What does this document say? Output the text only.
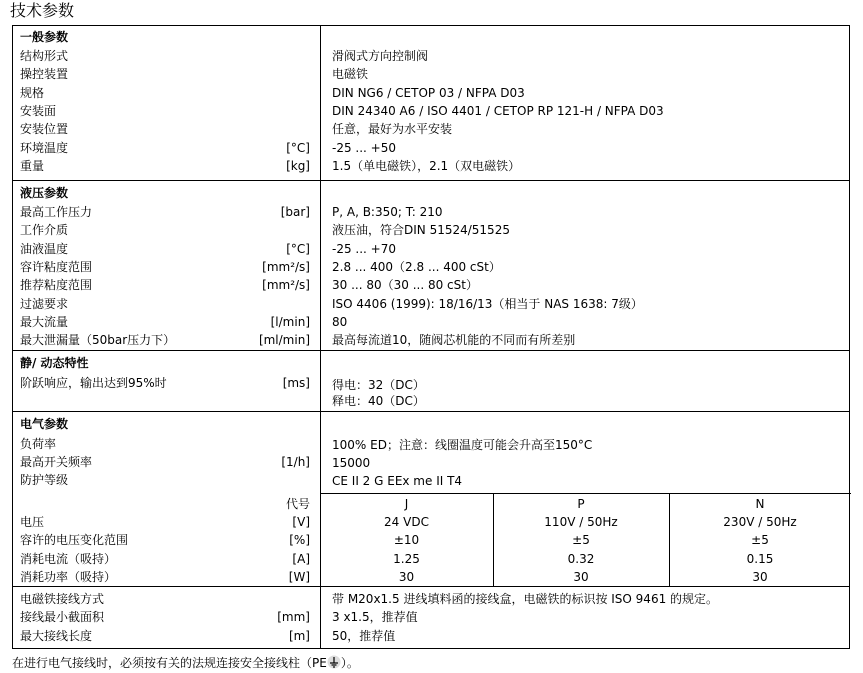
技术参数
一般参数
结构形式	滑阀式方向控制阀
操控装置	电磁铁
规格	DIN NG6 / CETOP 03 / NFPA D03
安装面	DIN 24340 A6 / ISO 4401 / CETOP RP 121-H / NFPA D03
安装位置	任意，最好为水平安装
环境温度	[°C] -25 ... +50
重量	[kg] 1.5（单电磁铁），2.1（双电磁铁）
液压参数
最高工作压力	[bar] P, A, B:350; T: 210
工作介质	液压油，符合DIN 51524/51525
油液温度	[°C] -25 ... +70
容许粘度范围	[mm²/s] 2.8 ... 400（2.8 ... 400 cSt）
推荐粘度范围	[mm²/s] 30 ... 80（30 ... 80 cSt）
过滤要求	ISO 4406 (1999): 18/16/13（相当于 NAS 1638: 7级）
最大流量	[l/min] 80
最大泄漏量（50bar压力下）	[ml/min] 最高每流道10，随阀芯机能的不同而有所差别
静/ 动态特性
阶跃响应，输出达到95%时	[ms] 得电：32（DC）
释电：40（DC）
电气参数
负荷率	100% ED；注意：线圈温度可能会升高至150°C
最高开关频率	[1/h] 15000
防护等级	CE II 2 G EEx me II T4
代号	J	P	N
电压	[V]	24 VDC	110V / 50Hz	230V / 50Hz
容许的电压变化范围	[%]	±10	±5	±5
消耗电流（吸持）	[A]	1.25	0.32	0.15
消耗功率（吸持）	[W]	30	30	30
电磁铁接线方式	带 M20x1.5 进线填料函的接线盒，电磁铁的标识按 ISO 9461 的规定。
接线最小截面积	[mm] 3 x1.5，推荐值
最大接线长度	[m] 50，推荐值
在进行电气接线时，必须按有关的法规连接安全接线柱（PE ）。
